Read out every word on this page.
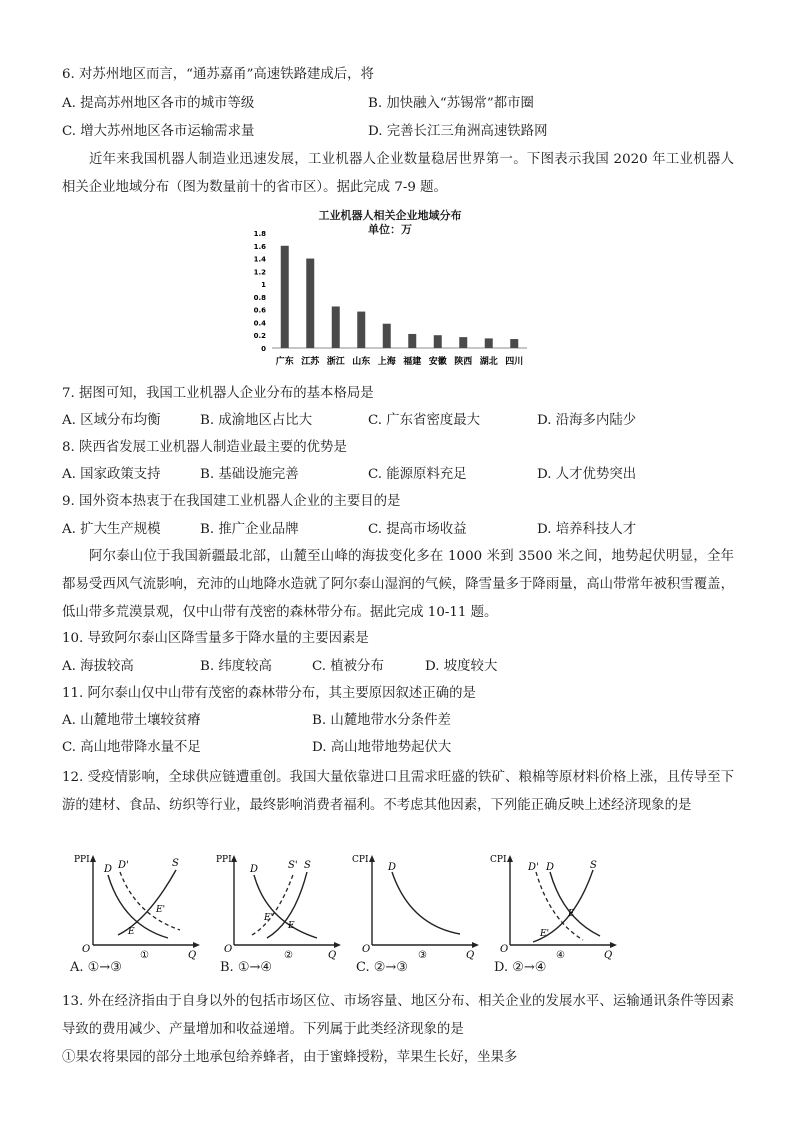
6. 对苏州地区而言，“通苏嘉甬”高速铁路建成后，将
A. 提高苏州地区各市的城市等级	B. 加快融入“苏锡常”都市圈
C. 增大苏州地区各市运输需求量	D. 完善长江三角洲高速铁路网
近年来我国机器人制造业迅速发展，工业机器人企业数量稳居世界第一。下图表示我国 2020 年工业机器人相关企业地域分布（图为数量前十的省市区）。据此完成 7-9 题。
工业机器人相关企业地域分布
单位：万
1.8
1.6
1.4
1.2
1
0.8
0.6
0.4
0.2
0
广东 江苏 浙江 山东 上海 福建 安徽 陕西 湖北 四川
7. 据图可知，我国工业机器人企业分布的基本格局是
A. 区域分布均衡	B. 成渝地区占比大	C. 广东省密度最大	D. 沿海多内陆少
8. 陕西省发展工业机器人制造业最主要的优势是
A. 国家政策支持	B. 基础设施完善	C. 能源原料充足	D. 人才优势突出
9. 国外资本热衷于在我国建工业机器人企业的主要目的是
A. 扩大生产规模	B. 推广企业品牌	C. 提高市场收益	D. 培养科技人才
阿尔泰山位于我国新疆最北部，山麓至山峰的海拔变化多在 1000 米到 3500 米之间，地势起伏明显，全年都易受西风气流影响，充沛的山地降水造就了阿尔泰山湿润的气候，降雪量多于降雨量，高山带常年被积雪覆盖，低山带多荒漠景观，仅中山带有茂密的森林带分布。据此完成 10-11 题。
10. 导致阿尔泰山区降雪量多于降水量的主要因素是
A. 海拔较高	B. 纬度较高	C. 植被分布	D. 坡度较大
11. 阿尔泰山仅中山带有茂密的森林带分布，其主要原因叙述正确的是
A. 山麓地带土壤较贫瘠	B. 山麓地带水分条件差
C. 高山地带降水量不足	D. 高山地带地势起伏大
12. 受疫情影响，全球供应链遭重创。我国大量依靠进口且需求旺盛的铁矿、粮棉等原材料价格上涨，且传导至下游的建材、食品、纺织等行业，最终影响消费者福利。不考虑其他因素，下列能正确反映上述经济现象的是
PPI
O
Q
D D'	S
E
E'
①
PPI
O
Q
D	S' S
E'
E
②
CPI
O
Q
D
③
CPI
O
Q
D' D	S
E
E'
④
A. ①→③	B. ①→④	C. ②→③	D. ②→④
13. 外在经济指由于自身以外的包括市场区位、市场容量、地区分布、相关企业的发展水平、运输通讯条件等因素导致的费用减少、产量增加和收益递增。下列属于此类经济现象的是
①果农将果园的部分土地承包给养蜂者，由于蜜蜂授粉，苹果生长好，坐果多
